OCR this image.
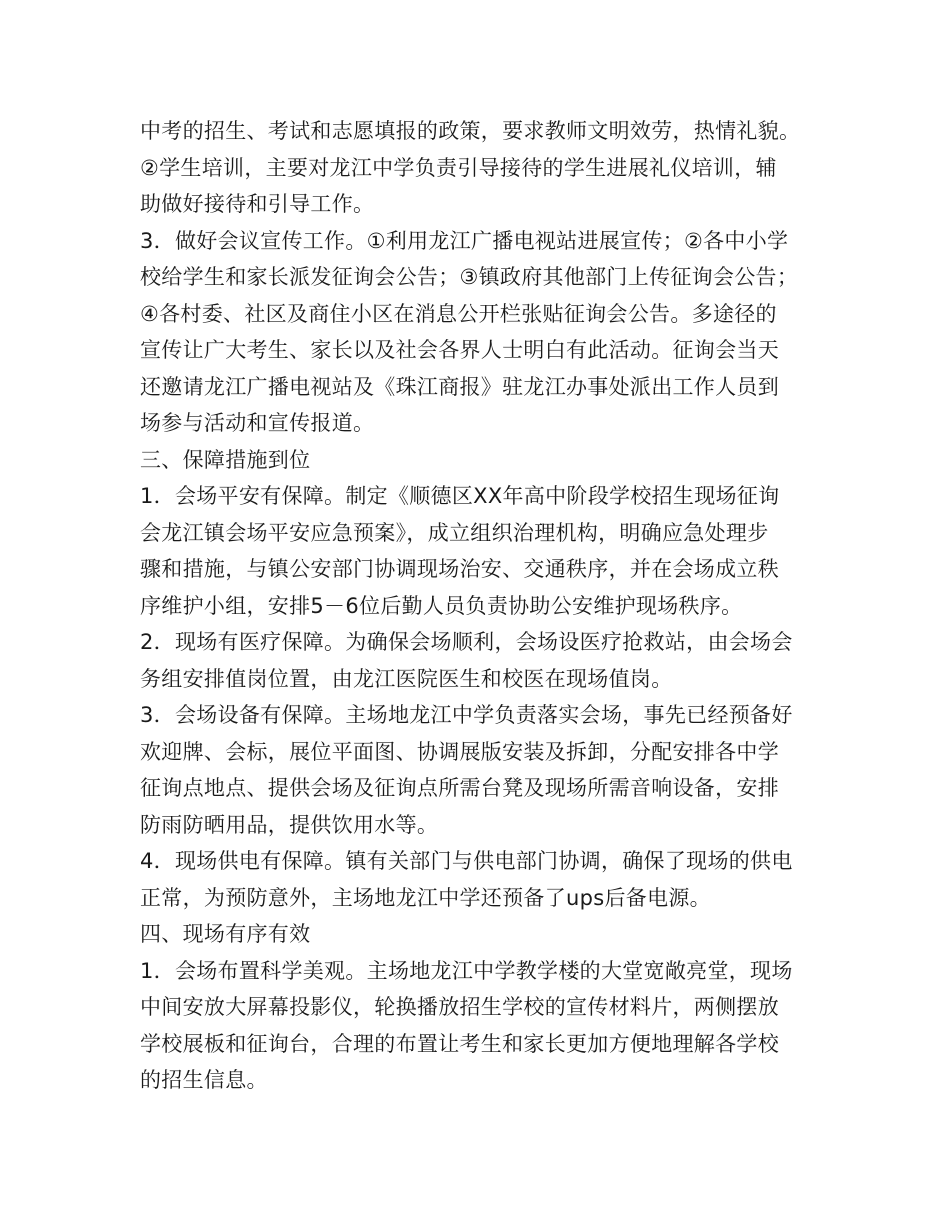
中考的招生、考试和志愿填报的政策，要求教师文明效劳，热情礼貌。
②学生培训，主要对龙江中学负责引导接待的学生进展礼仪培训，辅
助做好接待和引导工作。
3．做好会议宣传工作。①利用龙江广播电视站进展宣传；②各中小学
校给学生和家长派发征询会公告；③镇政府其他部门上传征询会公告；
④各村委、社区及商住小区在消息公开栏张贴征询会公告。多途径的
宣传让广大考生、家长以及社会各界人士明白有此活动。征询会当天
还邀请龙江广播电视站及《珠江商报》驻龙江办事处派出工作人员到
场参与活动和宣传报道。
三、保障措施到位
1．会场平安有保障。制定《顺德区XX年高中阶段学校招生现场征询
会龙江镇会场平安应急预案》，成立组织治理机构，明确应急处理步
骤和措施，与镇公安部门协调现场治安、交通秩序，并在会场成立秩
序维护小组，安排5－6位后勤人员负责协助公安维护现场秩序。
2．现场有医疗保障。为确保会场顺利，会场设医疗抢救站，由会场会
务组安排值岗位置，由龙江医院医生和校医在现场值岗。
3．会场设备有保障。主场地龙江中学负责落实会场，事先已经预备好
欢迎牌、会标，展位平面图、协调展版安装及拆卸，分配安排各中学
征询点地点、提供会场及征询点所需台凳及现场所需音响设备，安排
防雨防晒用品，提供饮用水等。
4．现场供电有保障。镇有关部门与供电部门协调，确保了现场的供电
正常，为预防意外，主场地龙江中学还预备了ups后备电源。
四、现场有序有效
1．会场布置科学美观。主场地龙江中学教学楼的大堂宽敞亮堂，现场
中间安放大屏幕投影仪，轮换播放招生学校的宣传材料片，两侧摆放
学校展板和征询台，合理的布置让考生和家长更加方便地理解各学校
的招生信息。
